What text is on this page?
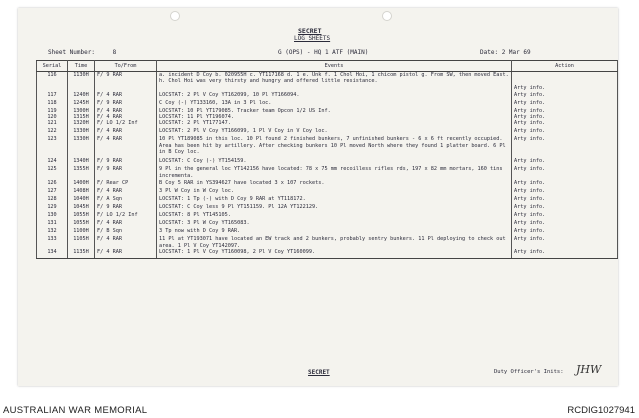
SECRET
LOG SHEETS
Sheet Number:	8	G (OPS) - HQ 1 ATF (MAIN)	Date: 2 Mar 69
Serial	Time	To/From	Events	Action
116	1130H	F/ 9 RAR	a. incident D Coy b. 020955H c. YT117168 d. 1 e. Unk f. 1 Chol Hoi, 1 chicom pistol g. From SW, then moved East. h. Chol Hoi was very thirsty and hungry and offered little resistance.	Arty info.
117	1240H	F/ 4 RAR	LOCSTAT: 2 Pl V Coy YT162099, 10 Pl YT166094.	Arty info.
118	1245H	F/ 9 RAR	C Coy (-) YT133160, 13A in 3 Pl loc.	Arty info.
119	1300H	F/ 4 RAR	LOCSTAT: 10 Pl YT179085. Tracker team Opcon 1/2 US Inf.	Arty info.
120	1315H	F/ 4 RAR	LOCSTAT: 11 Pl YT196074.	Arty info.
121	1320H	F/ LO 1/2 Inf	LOCSTAT: 2 Pl YT177147.	Arty info.
122	1330H	F/ 4 RAR	LOCSTAT: 2 Pl V Coy YT166099, 1 Pl V Coy in V Coy loc.	Arty info.
123	1330H	F/ 4 RAR	10 Pl YT189085 in this loc. 10 Pl found 2 finished bunkers, 7 unfinished bunkers - 6 x 6 ft recently occupied. Area has been hit by artillery. After checking bunkers 10 Pl moved North where they found 1 platter board. 6 Pl in B Coy loc.	Arty info.
124	1340H	F/ 9 RAR	LOCSTAT: C Coy (-) YT154159.	Arty info.
125	1355H	F/ 9 RAR	9 Pl in the general loc YT142156 have located: 78 x 75 mm recoilless rifles rds, 197 x 82 mm mortars, 160 tins incrementa.	Arty info.
126	1400H	F/ Rear CP	B Coy 5 RAR in YS394627 have located 3 x 107 rockets.	Arty info.
127	1408H	F/ 4 RAR	3 Pl W Coy in W Coy loc.	Arty info.
128	1040H	F/ A Sqn	LOCSTAT: 1 Tp (-) with D Coy 9 RAR at YT118172.	Arty info.
129	1045H	F/ 9 RAR	LOCSTAT: C Coy less 9 Pl YT151159. Pl 12A YT122129.	Arty info.
130	1055H	F/ LO 1/2 Inf	LOCSTAT: 8 Pl YT145105.	Arty info.
131	1055H	F/ 4 RAR	LOCSTAT: 3 Pl W Coy YT165083.	Arty info.
132	1100H	F/ B Sqn	3 Tp now with D Coy 9 RAR.	Arty info.
133	1105H	F/ 4 RAR	11 Pl at YT193071 have located an EW track and 2 bunkers, probably sentry bunkers. 11 Pl deploying to check out area. 1 Pl V Coy YT142097.	Arty info.
134	1135H	F/ 4 RAR	LOCSTAT: 1 Pl V Coy YT160098, 2 Pl V Coy YT160099.	Arty info.
SECRET	Duty Officer's Inits: JHW
AUSTRALIAN WAR MEMORIAL	RCDIG1027941
